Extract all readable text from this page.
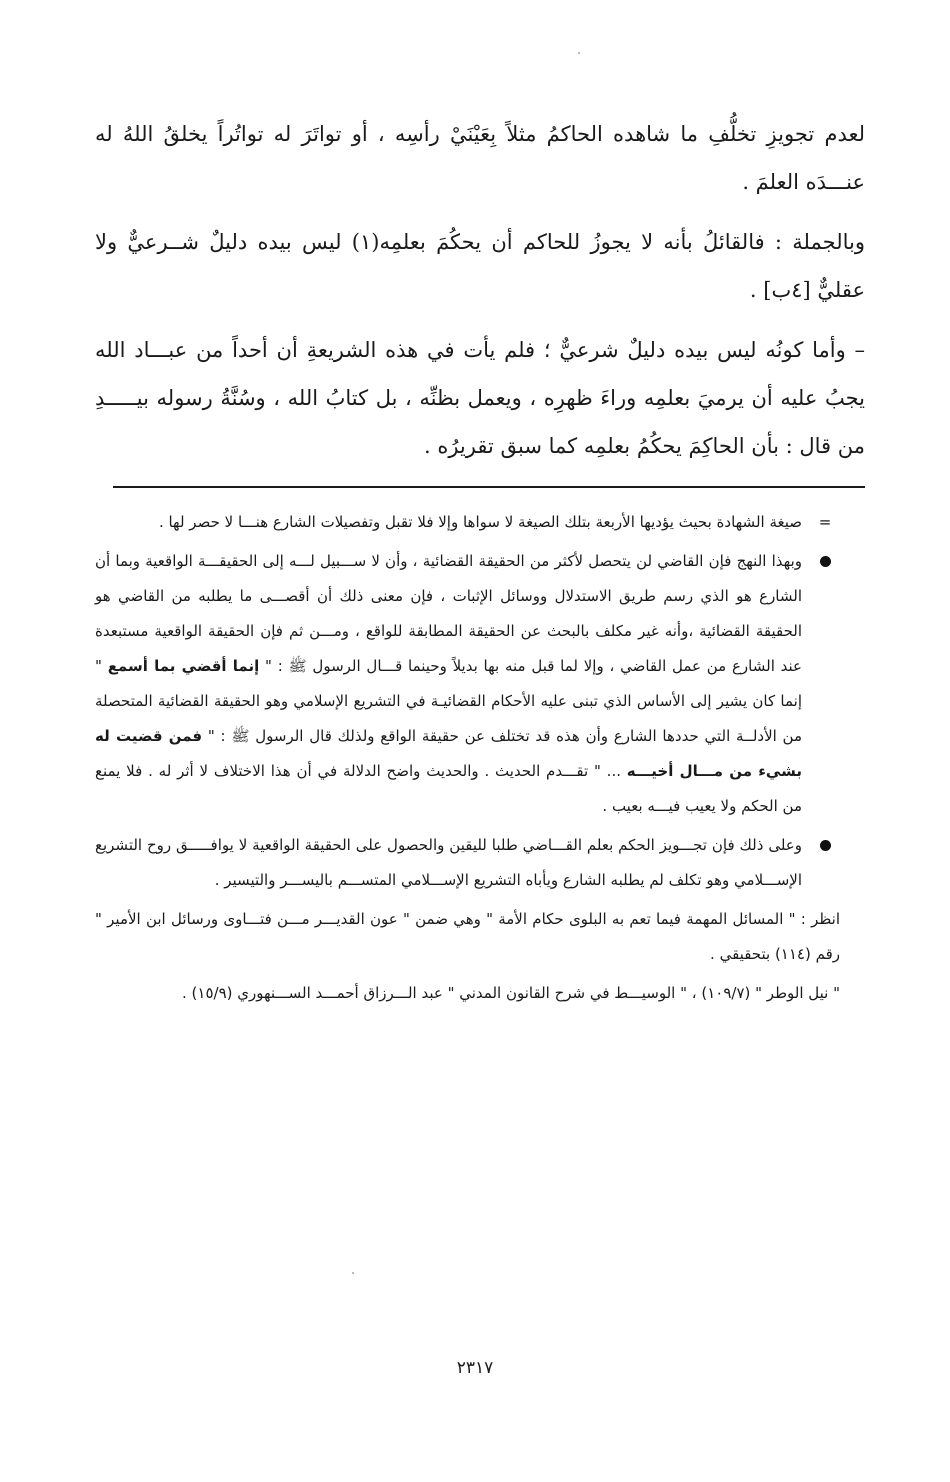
لعدم تجويزِ تخلُّفِ ما شاهده الحاكمُ مثلاً بِعَيْنَيْ رأسِه ، أو تواتَرَ له تواتُراً يخلقُ اللهُ له عنـــدَه العلمَ .

وبالجملة : فالقائلُ بأنه لا يجوزُ للحاكم أن يحكُمَ بعلمِه(١) ليس بيده دليلٌ شــرعيٌّ ولا عقليٌّ [٤ب] .

– وأما كونُه ليس بيده دليلٌ شرعيٌّ ؛ فلم يأت في هذه الشريعةِ أن أحداً من عبـــاد الله يجبُ عليه أن يرميَ بعلمِه وراءَ ظهرِه ، ويعمل بظنِّه ، بل كتابُ الله ، وسُنَّةُ رسوله بيـــــدِ من قال : بأن الحاكِمَ يحكُمُ بعلمِه كما سبق تقريرُه .

=
صيغة الشهادة بحيث يؤديها الأربعة بتلك الصيغة لا سواها وإلا فلا تقبل وتفصيلات الشارع هنـــا لا حصر لها .
وبهذا النهج فإن القاضي لن يتحصل لأكثر من الحقيقة القضائية ، وأن لا ســـبيل لـــه إلى الحقيقـــة الواقعية وبما أن الشارع هو الذي رسم طريق الاستدلال ووسائل الإثبات ، فإن معنى ذلك أن أقصـــى ما يطلبه من القاضي هو الحقيقة القضائية ،وأنه غير مكلف بالبحث عن الحقيقة المطابقة للواقع ، ومـــن ثم فإن الحقيقة الواقعية مستبعدة عند الشارع من عمل القاضي ، وإلا لما قبل منه بها بديلاً وحينما قـــال الرسول ﷺ : " إنما أقضي بما أسمع " إنما كان يشير إلى الأساس الذي تبنى عليه الأحكام القضائيـة في التشريع الإسلامي وهو الحقيقة القضائية المتحصلة من الأدلــة التي حددها الشارع وأن هذه قد تختلف عن حقيقة الواقع ولذلك قال الرسول ﷺ : " فمن قضيت له بشيء من مـــال أخيـــه ... " تقـــدم الحديث . والحديث واضح الدلالة في أن هذا الاختلاف لا أثر له . فلا يمنع من الحكم ولا يعيب فيـــه بعيب .
وعلى ذلك فإن تجـــويز الحكم بعلم القـــاضي طلبا لليقين والحصول على الحقيقة الواقعية لا يوافـــــق روح التشريع الإســـلامي وهو تكلف لم يطلبه الشارع ويأباه التشريع الإســـلامي المتســـم باليســـر والتيسير .
انظر : " المسائل المهمة فيما تعم به البلوى حكام الأمة " وهي ضمن " عون القديـــر مـــن فتـــاوى ورسائل ابن الأمير " رقم (١١٤) بتحقيقي .
" نيل الوطر " (١٠٩/٧) ، " الوسيـــط في شرح القانون المدني " عبد الـــرزاق أحمـــد الســـنهوري (١٥/٩) .
٢٣١٧
